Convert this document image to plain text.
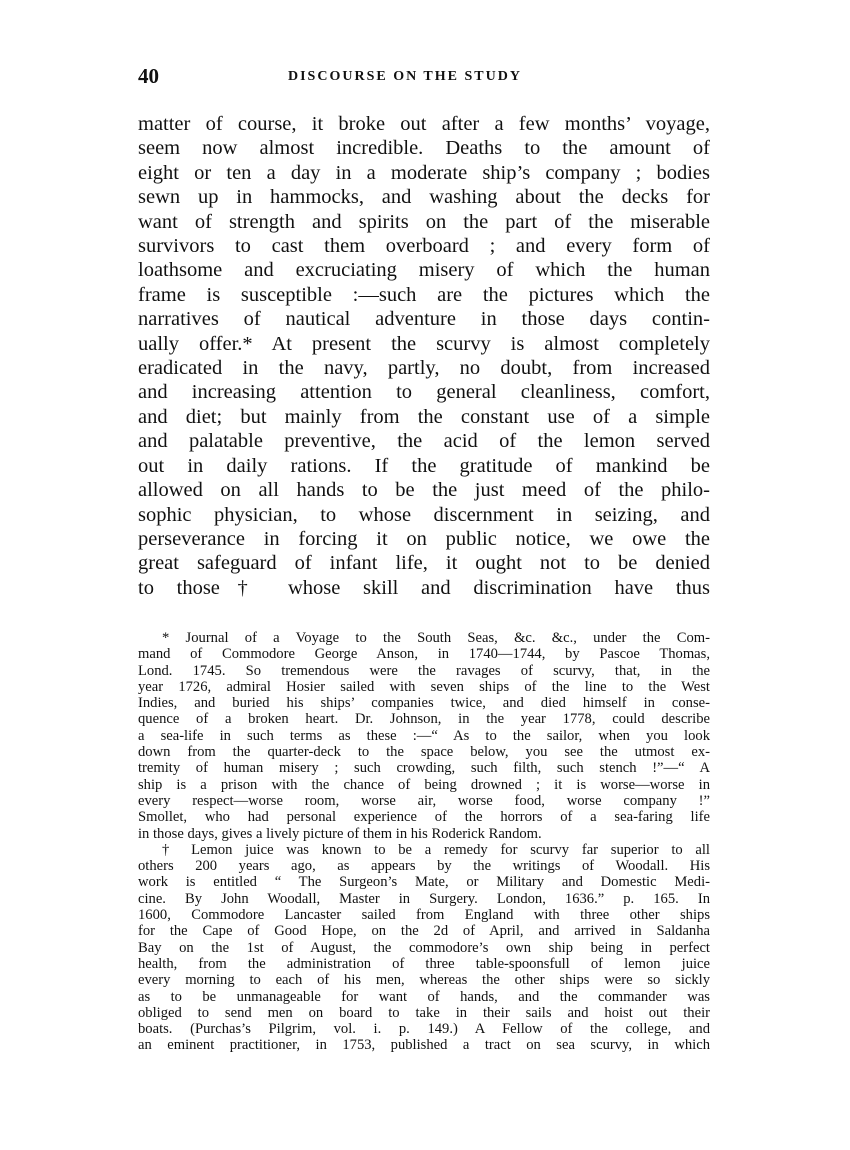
40	DISCOURSE ON THE STUDY
matter of course, it broke out after a few months’ voyage,
seem now almost incredible. Deaths to the amount of
eight or ten a day in a moderate ship’s company ; bodies
sewn up in hammocks, and washing about the decks for
want of strength and spirits on the part of the miserable
survivors to cast them overboard ; and every form of
loathsome and excruciating misery of which the human
frame is susceptible :—such are the pictures which the
narratives of nautical adventure in those days contin-
ually offer.* At present the scurvy is almost completely
eradicated in the navy, partly, no doubt, from increased
and increasing attention to general cleanliness, comfort,
and diet; but mainly from the constant use of a simple
and palatable preventive, the acid of the lemon served
out in daily rations. If the gratitude of mankind be
allowed on all hands to be the just meed of the philo-
sophic physician, to whose discernment in seizing, and
perseverance in forcing it on public notice, we owe the
great safeguard of infant life, it ought not to be denied
to those† whose skill and discrimination have thus
* Journal of a Voyage to the South Seas, &c. &c., under the Com-
mand of Commodore George Anson, in 1740—1744, by Pascoe Thomas,
Lond. 1745. So tremendous were the ravages of scurvy, that, in the
year 1726, admiral Hosier sailed with seven ships of the line to the West
Indies, and buried his ships’ companies twice, and died himself in conse-
quence of a broken heart. Dr. Johnson, in the year 1778, could describe
a sea-life in such terms as these :—“ As to the sailor, when you look
down from the quarter-deck to the space below, you see the utmost ex-
tremity of human misery ; such crowding, such filth, such stench !”—“ A
ship is a prison with the chance of being drowned ; it is worse—worse in
every respect—worse room, worse air, worse food, worse company !”
Smollet, who had personal experience of the horrors of a sea-faring life
in those days, gives a lively picture of them in his Roderick Random.
† Lemon juice was known to be a remedy for scurvy far superior to all
others 200 years ago, as appears by the writings of Woodall. His
work is entitled “ The Surgeon’s Mate, or Military and Domestic Medi-
cine. By John Woodall, Master in Surgery. London, 1636.” p. 165. In
1600, Commodore Lancaster sailed from England with three other ships
for the Cape of Good Hope, on the 2d of April, and arrived in Saldanha
Bay on the 1st of August, the commodore’s own ship being in perfect
health, from the administration of three table-spoonsfull of lemon juice
every morning to each of his men, whereas the other ships were so sickly
as to be unmanageable for want of hands, and the commander was
obliged to send men on board to take in their sails and hoist out their
boats. (Purchas’s Pilgrim, vol. i. p. 149.) A Fellow of the college, and
an eminent practitioner, in 1753, published a tract on sea scurvy, in which
